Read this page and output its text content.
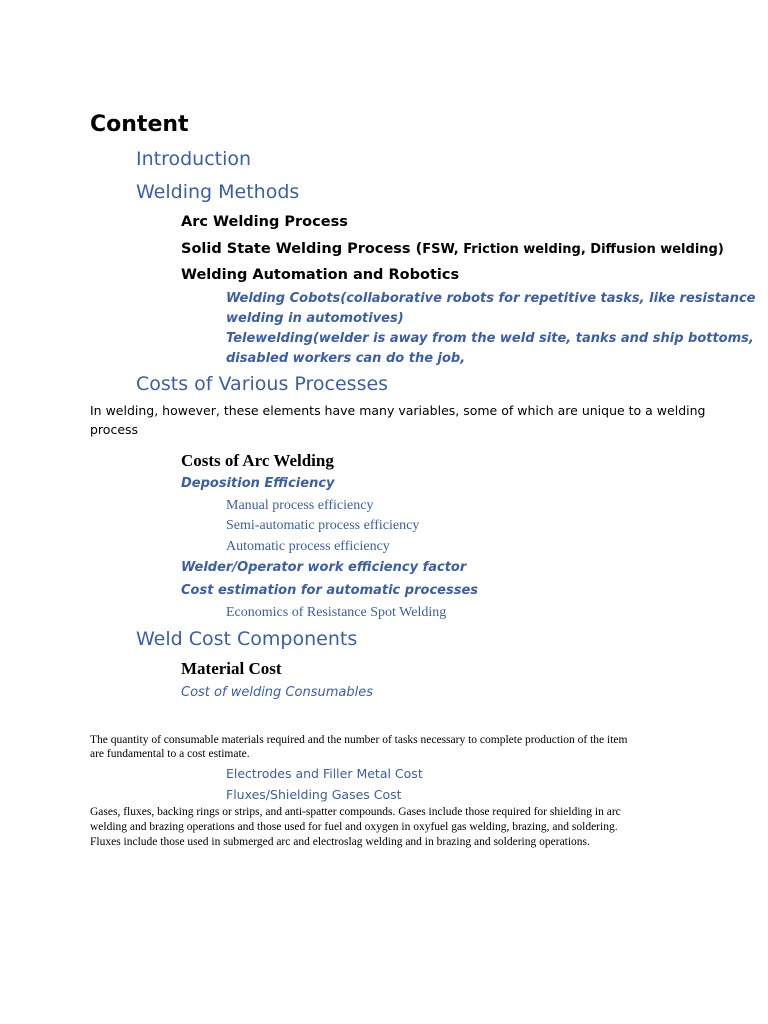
Content

Introduction

Welding Methods

Arc Welding Process

Solid State Welding Process (FSW, Friction welding, Diffusion welding)

Welding Automation and Robotics

Welding Cobots(collaborative robots for repetitive tasks, like resistance

welding in automotives)

Telewelding(welder is away from the weld site, tanks and ship bottoms,

disabled workers can do the job,

Costs of Various Processes

In welding, however, these elements have many variables, some of which are unique to a welding

process

Costs of Arc Welding

Deposition Efficiency

Manual process efficiency

Semi-automatic process efficiency

Automatic process efficiency

Welder/Operator work efficiency factor

Cost estimation for automatic processes

Economics of Resistance Spot Welding

Weld Cost Components

Material Cost

Cost of welding Consumables

The quantity of consumable materials required and the number of tasks necessary to complete production of the item

are fundamental to a cost estimate.

Electrodes and Filler Metal Cost

Fluxes/Shielding Gases Cost

Gases, fluxes, backing rings or strips, and anti-spatter compounds. Gases include those required for shielding in arc

welding and brazing operations and those used for fuel and oxygen in oxyfuel gas welding, brazing, and soldering.

Fluxes include those used in submerged arc and electroslag welding and in brazing and soldering operations.
